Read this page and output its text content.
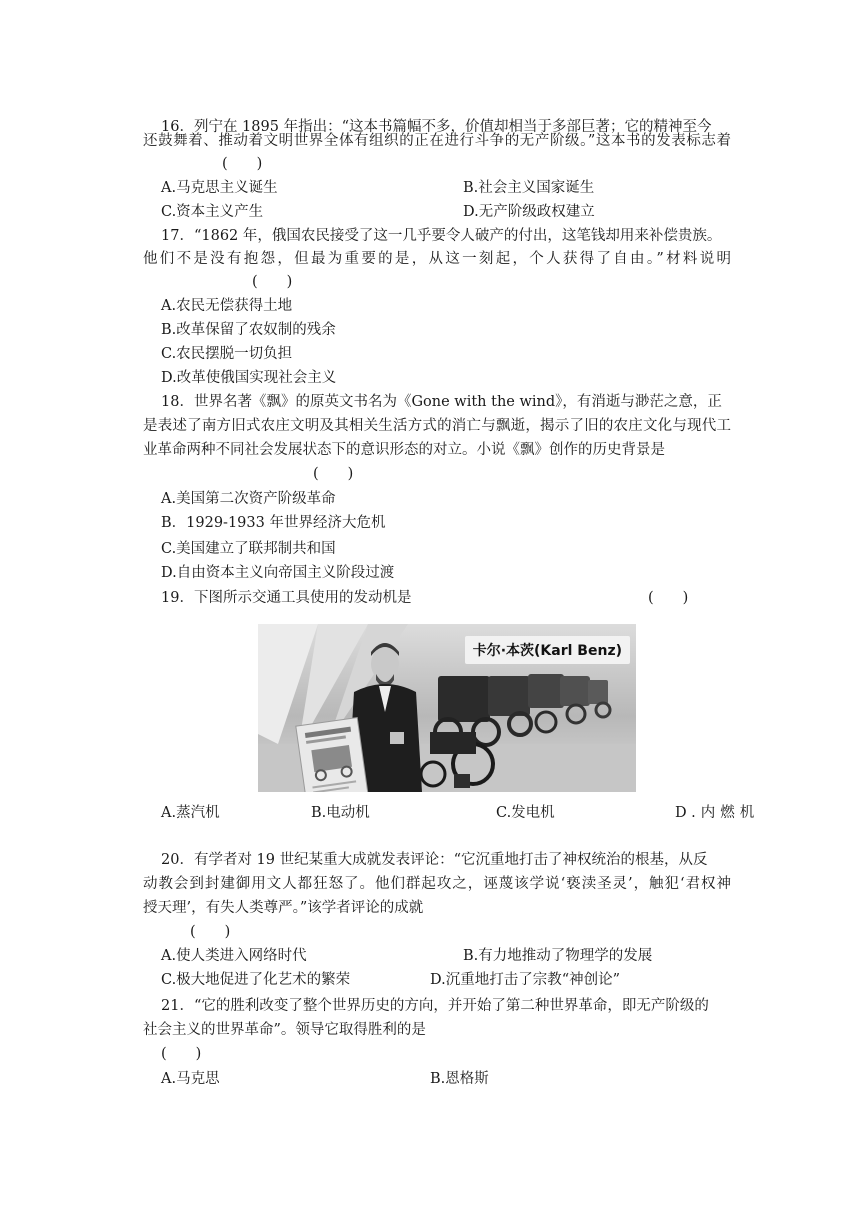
16．列宁在 1895 年指出：“这本书篇幅不多，价值却相当于多部巨著；它的精神至今
还鼓舞着、推动着文明世界全体有组织的正在进行斗争的无产阶级。”这本书的发表标志着
(　　)
A.马克思主义诞生	B.社会主义国家诞生
C.资本主义产生	D.无产阶级政权建立
17．“1862 年，俄国农民接受了这一几乎要令人破产的付出，这笔钱却用来补偿贵族。
他们不是没有抱怨，但最为重要的是，从这一刻起，个人获得了自由。”材料说明
(　　)
A.农民无偿获得土地
B.改革保留了农奴制的残余
C.农民摆脱一切负担
D.改革使俄国实现社会主义
18．世界名著《飘》的原英文书名为《Gone with the wind》，有消逝与渺茫之意，正
是表述了南方旧式农庄文明及其相关生活方式的消亡与飘逝，揭示了旧的农庄文化与现代工
业革命两种不同社会发展状态下的意识形态的对立。小说《飘》创作的历史背景是
(　　)
A.美国第二次资产阶级革命
B．1929-1933 年世界经济大危机
C.美国建立了联邦制共和国
D.自由资本主义向帝国主义阶段过渡
19．下图所示交通工具使用的发动机是	(　　)
卡尔·本茨(Karl Benz)
A.蒸汽机	B.电动机	C.发电机	D.内燃机
20．有学者对 19 世纪某重大成就发表评论：“它沉重地打击了神权统治的根基，从反
动教会到封建御用文人都狂怒了。他们群起攻之，诬蔑该学说‘亵渎圣灵’，触犯‘君权神
授天理’，有失人类尊严。”该学者评论的成就
(　　)
A.使人类进入网络时代	B.有力地推动了物理学的发展
C.极大地促进了化艺术的繁荣	D.沉重地打击了宗教“神创论”
21．“它的胜利改变了整个世界历史的方向，并开始了第二种世界革命，即无产阶级的
社会主义的世界革命”。领导它取得胜利的是
(　　)
A.马克思	B.恩格斯
